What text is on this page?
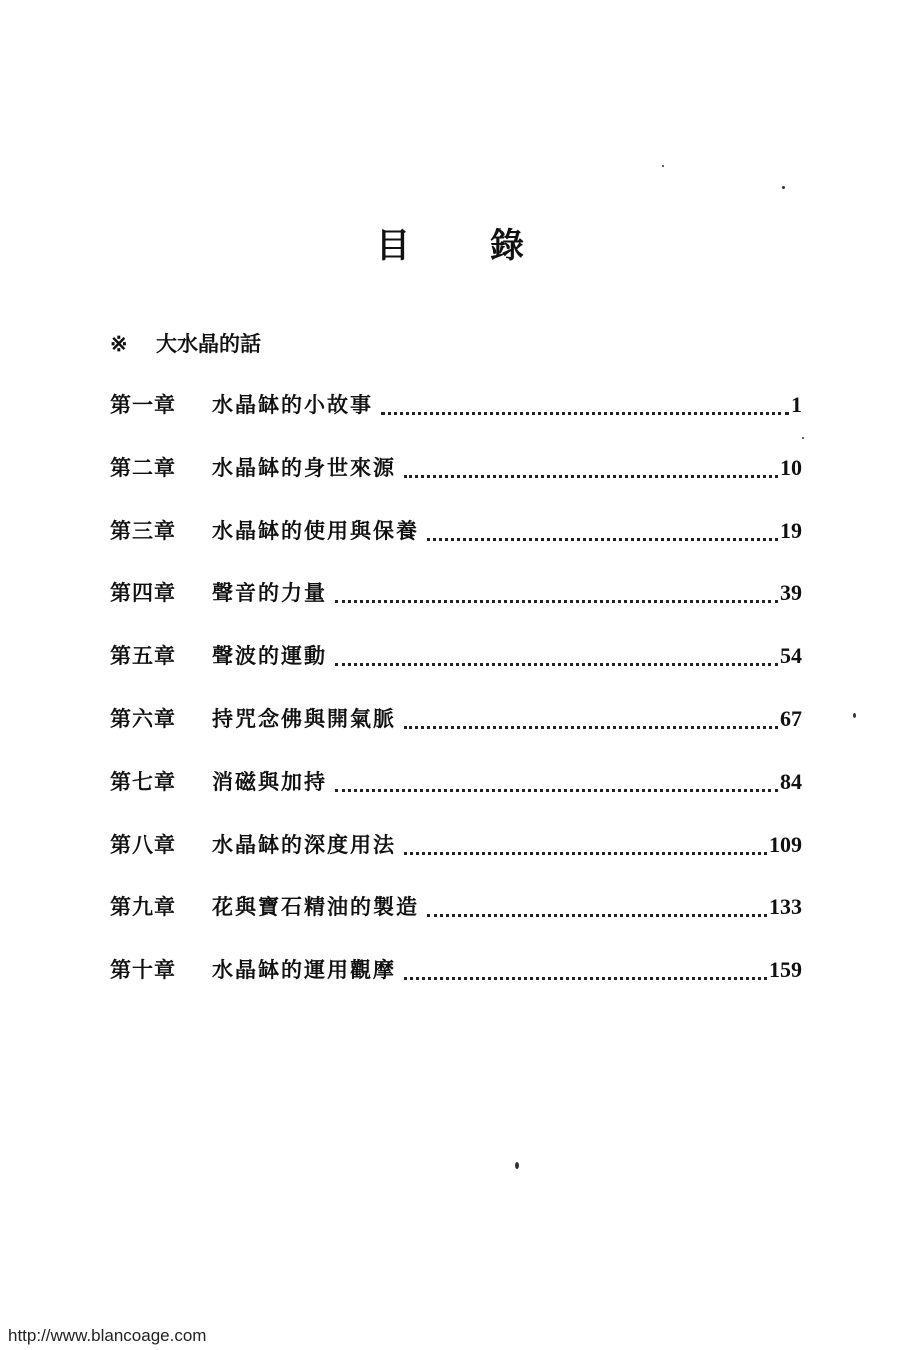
目 錄
※ 大水晶的話
第一章	水晶缽的小故事	1
第二章	水晶缽的身世來源	10
第三章	水晶缽的使用與保養	19
第四章	聲音的力量	39
第五章	聲波的運動	54
第六章	持咒念佛與開氣脈	67
第七章	消磁與加持	84
第八章	水晶缽的深度用法	109
第九章	花與寶石精油的製造	133
第十章	水晶缽的運用觀摩	159
http://www.blancoage.com
